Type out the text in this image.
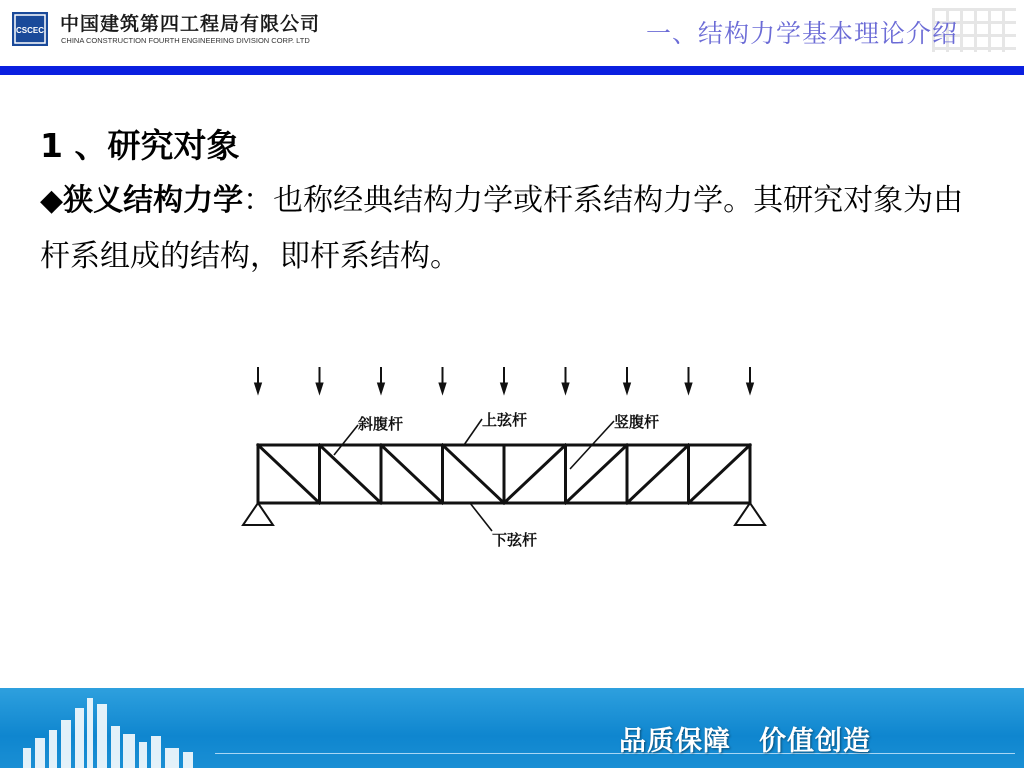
CSCEC 中国建筑第四工程局有限公司
CHINA CONSTRUCTION FOURTH ENGINEERING DIVISION CORP. LTD	一、结构力学基本理论介绍
1 、研究对象
◆狭义结构力学：也称经典结构力学或杆系结构力学。其研究对象为由杆系组成的结构，即杆系结构。
斜腹杆	上弦杆	竖腹杆
下弦杆
品质保障　价值创造
